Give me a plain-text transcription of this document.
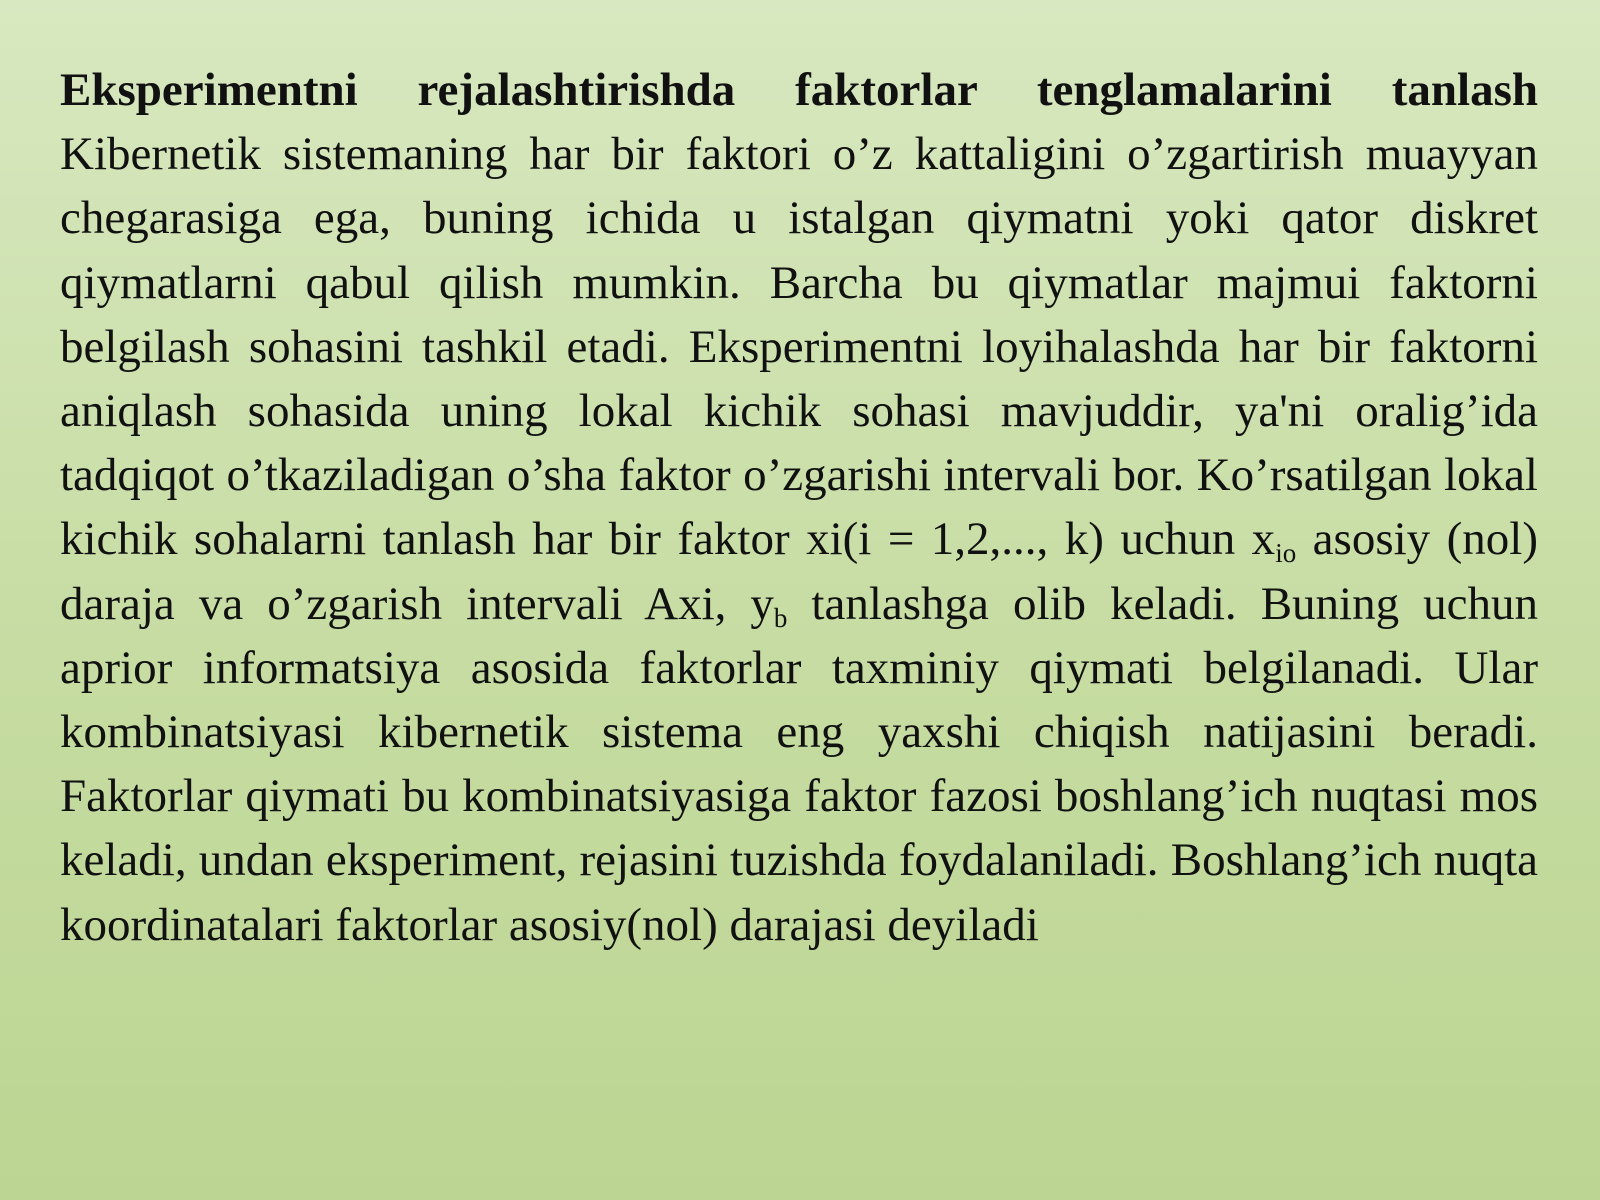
Eksperimentni rejalashtirishda faktorlar tenglamalarini tanlash Kibernetik sistemaning har bir faktori o’z kattaligini o’zgartirish muayyan chegarasiga ega, buning ichida u istalgan qiymatni yoki qator diskret qiymatlarni qabul qilish mumkin. Barcha bu qiymatlar majmui faktorni belgilash sohasini tashkil etadi. Eksperimentni loyihalashda har bir faktorni aniqlash sohasida uning lokal kichik sohasi mavjuddir, ya'ni oralig’ida tadqiqot o’tkaziladigan o’sha faktor o’zgarishi intervali bor. Ko’rsatilgan lokal kichik sohalarni tanlash har bir faktor xi(i = 1,2,..., k) uchun $x_{io}$ asosiy (nol) daraja va o’zgarish intervali Axi, $y_b$ tanlashga olib keladi. Buning uchun aprior informatsiya asosida faktorlar taxminiy qiymati belgilanadi. Ular kombinatsiyasi kibernetik sistema eng yaxshi chiqish natijasini beradi. Faktorlar qiymati bu kombinatsiyasiga faktor fazosi boshlang’ich nuqtasi mos keladi, undan eksperiment, rejasini tuzishda foydalaniladi. Boshlang’ich nuqta koordinatalari faktorlar asosiy(nol) darajasi deyiladi
